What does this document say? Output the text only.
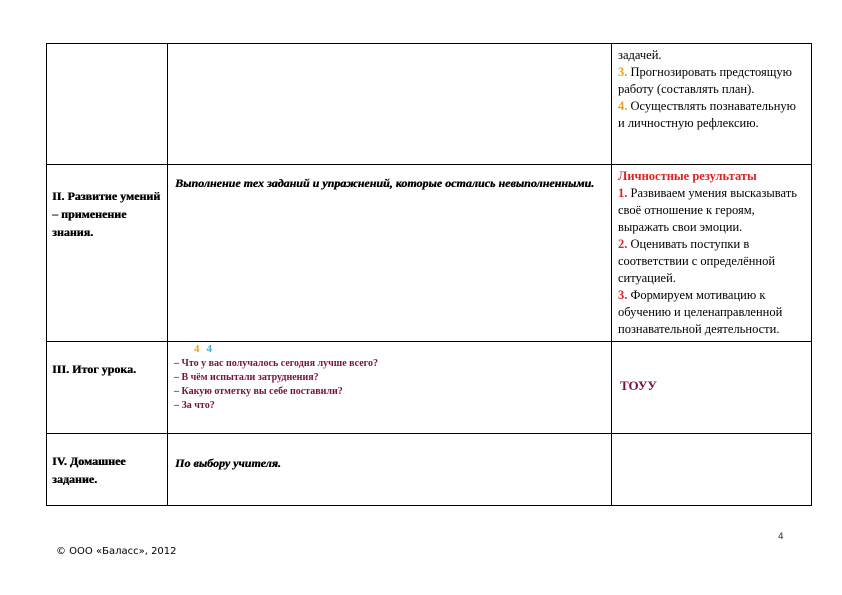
		задачей.
3. Прогнозировать предстоящую работу (составлять план).
4. Осуществлять познавательную и личностную рефлексию.

II. Развитие умений – применение знания.	Выполнение тех заданий и упражнений, которые остались невыполненными.	Личностные результаты
1. Развиваем умения высказывать своё отношение к героям, выражать свои эмоции.
2. Оценивать поступки в соответствии с определённой ситуацией.
3. Формируем мотивацию к обучению и целенаправленной познавательной деятельности.

III. Итог урока.	4 4
– Что у вас получалось сегодня лучше всего?
– В чём испытали затруднения?
– Какую отметку вы себе поставили?
– За что?	ТОУУ

IV. Домашнее задание.	По выбору учителя.	

4
© ООО «Баласс», 2012
